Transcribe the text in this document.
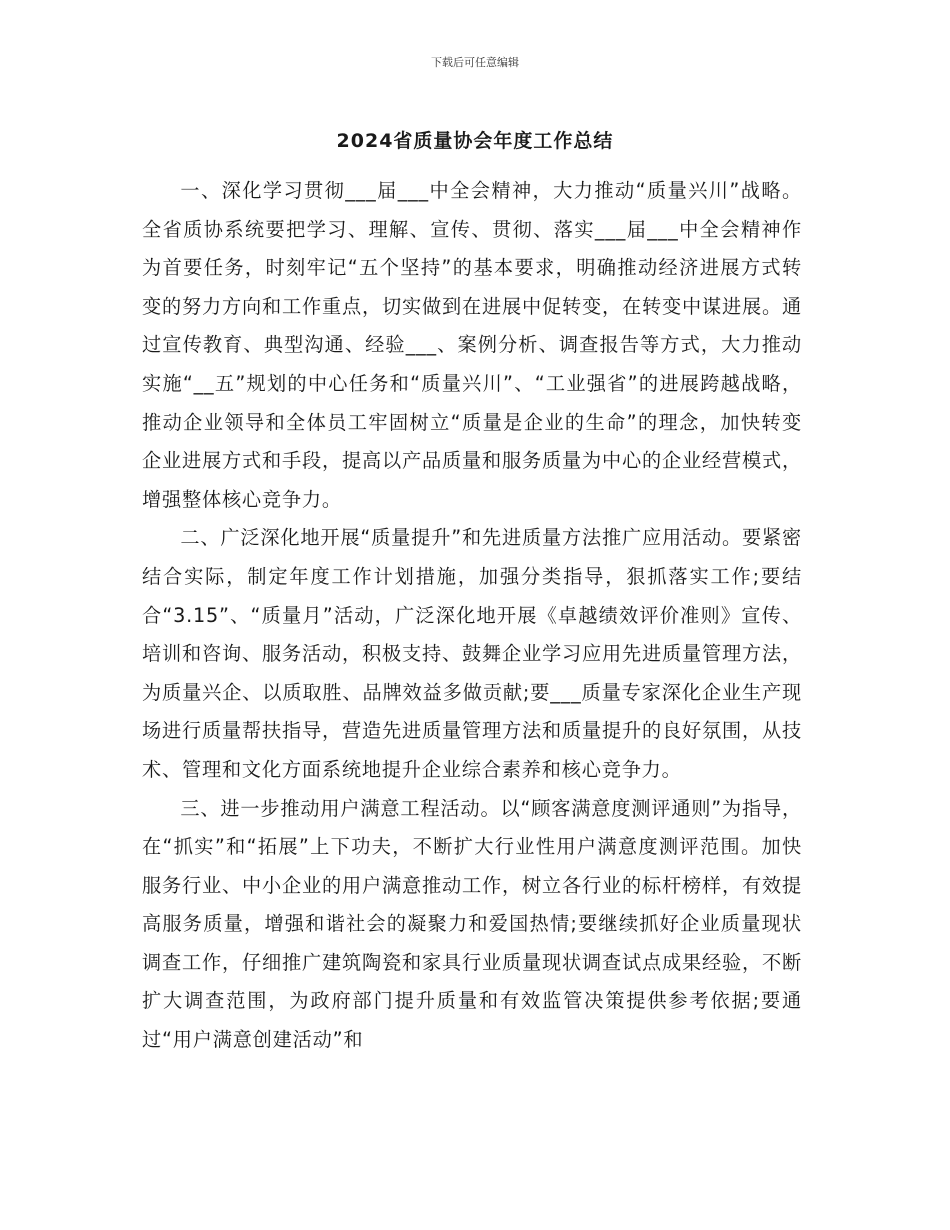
下载后可任意编辑
2024省质量协会年度工作总结

一、深化学习贯彻___届___中全会精神，大力推动“质量兴川”战略。全省质协系统要把学习、理解、宣传、贯彻、落实___届___中全会精神作为首要任务，时刻牢记“五个坚持”的基本要求，明确推动经济进展方式转变的努力方向和工作重点，切实做到在进展中促转变，在转变中谋进展。通过宣传教育、典型沟通、经验___、案例分析、调查报告等方式，大力推动实施“__五”规划的中心任务和“质量兴川”、“工业强省”的进展跨越战略，推动企业领导和全体员工牢固树立“质量是企业的生命”的理念，加快转变企业进展方式和手段，提高以产品质量和服务质量为中心的企业经营模式，增强整体核心竞争力。

二、广泛深化地开展“质量提升”和先进质量方法推广应用活动。要紧密结合实际，制定年度工作计划措施，加强分类指导，狠抓落实工作;要结合“3.15”、“质量月”活动，广泛深化地开展《卓越绩效评价准则》宣传、培训和咨询、服务活动，积极支持、鼓舞企业学习应用先进质量管理方法，为质量兴企、以质取胜、品牌效益多做贡献;要___质量专家深化企业生产现场进行质量帮扶指导，营造先进质量管理方法和质量提升的良好氛围，从技术、管理和文化方面系统地提升企业综合素养和核心竞争力。

三、进一步推动用户满意工程活动。以“顾客满意度测评通则”为指导，在“抓实”和“拓展”上下功夫，不断扩大行业性用户满意度测评范围。加快服务行业、中小企业的用户满意推动工作，树立各行业的标杆榜样，有效提高服务质量，增强和谐社会的凝聚力和爱国热情;要继续抓好企业质量现状调查工作，仔细推广建筑陶瓷和家具行业质量现状调查试点成果经验，不断扩大调查范围，为政府部门提升质量和有效监管决策提供参考依据;要通过“用户满意创建活动”和
